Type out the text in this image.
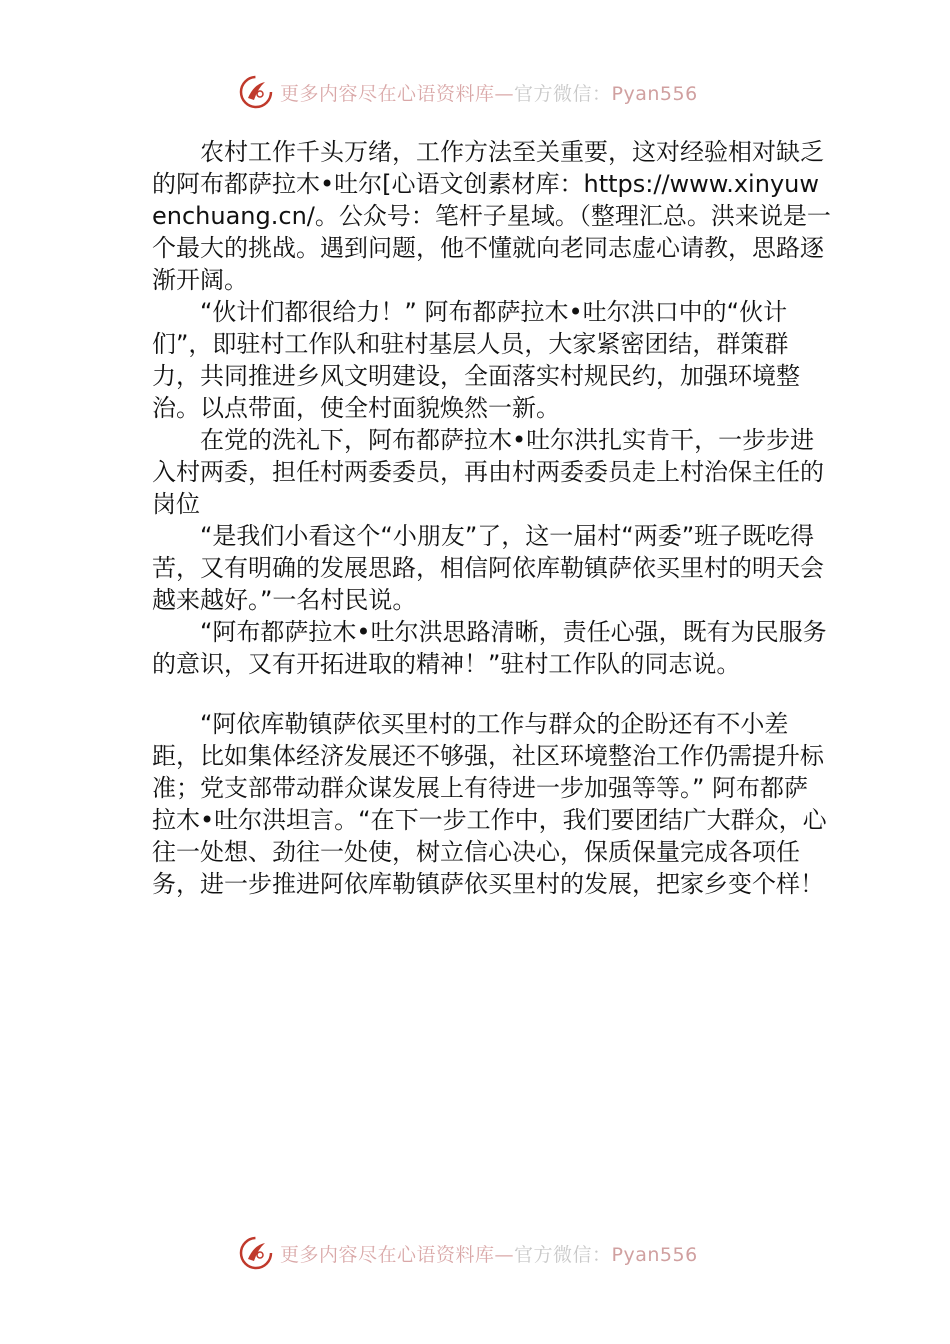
更多内容尽在心语资料库—官方微信：Pyan556

农村工作千头万绪，工作方法至关重要，这对经验相对缺乏的阿布都萨拉木•吐尔[心语文创素材库：https://www.xinyuwenchuang.cn/。公众号：笔杆子星域。（整理汇总。洪来说是一个最大的挑战。遇到问题，他不懂就向老同志虚心请教，思路逐渐开阔。

“伙计们都很给力！” 阿布都萨拉木•吐尔洪口中的“伙计们”，即驻村工作队和驻村基层人员，大家紧密团结，群策群力，共同推进乡风文明建设，全面落实村规民约，加强环境整治。以点带面，使全村面貌焕然一新。

在党的洗礼下，阿布都萨拉木•吐尔洪扎实肯干，一步步进入村两委，担任村两委委员，再由村两委委员走上村治保主任的岗位

“是我们小看这个“小朋友”了，这一届村“两委”班子既吃得苦，又有明确的发展思路，相信阿依库勒镇萨依买里村的明天会越来越好。”一名村民说。

“阿布都萨拉木•吐尔洪思路清晰，责任心强，既有为民服务的意识，又有开拓进取的精神！”驻村工作队的同志说。

“阿依库勒镇萨依买里村的工作与群众的企盼还有不小差距，比如集体经济发展还不够强，社区环境整治工作仍需提升标准；党支部带动群众谋发展上有待进一步加强等等。” 阿布都萨拉木•吐尔洪坦言。“在下一步工作中，我们要团结广大群众，心往一处想、劲往一处使，树立信心决心，保质保量完成各项任务，进一步推进阿依库勒镇萨依买里村的发展，把家乡变个样！

更多内容尽在心语资料库—官方微信：Pyan556
